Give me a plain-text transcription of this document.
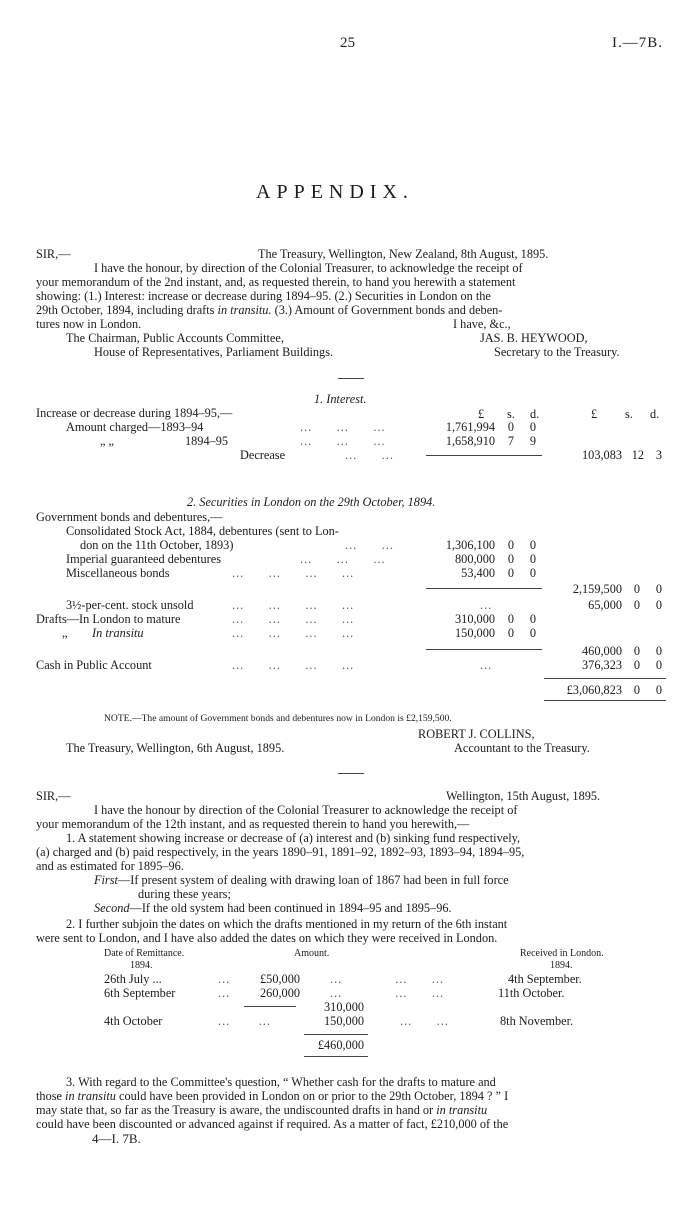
25	I.—7B.
APPENDIX.
SIR,—	The Treasury, Wellington, New Zealand, 8th August, 1895.
I have the honour, by direction of the Colonial Treasurer, to acknowledge the receipt of
your memorandum of the 2nd instant, and, as requested therein, to hand you herewith a statement
showing: (1.) Interest: increase or decrease during 1894–95. (2.) Securities in London on the
29th October, 1894, including drafts in transitu. (3.) Amount of Government bonds and deben-
tures now in London.	I have, &c.,
The Chairman, Public Accounts Committee,	JAS. B. HEYWOOD,
House of Representatives, Parliament Buildings.	Secretary to the Treasury.
1. Interest.
£ s. d.	£ s. d.
Increase or decrease during 1894–95,—
Amount charged—1893–94	...      ...      ...	1,761,994	0	0
„ „	1894–95	...      ...      ...	1,658,910	7	9
Decrease	...      ...	103,083 12 3
2. Securities in London on the 29th October, 1894.
Government bonds and debentures,—
Consolidated Stock Act, 1884, debentures (sent to Lon-
don on the 11th October, 1893)	...      ...	1,306,100	0	0
Imperial guaranteed debentures	...      ...      ...	800,000	0	0
Miscellaneous bonds	...      ...      ...      ...	53,400	0	0
2,159,500 0	0
3½-per-cent. stock unsold	...      ...      ...      ...	...	65,000 0	0
Drafts—In London to mature	...      ...      ...      ...	310,000	0	0
„ In transitu	...      ...      ...      ...	150,000	0	0
460,000 0	0
Cash in Public Account	...      ...      ...      ...	...	376,323 0	0
£3,060,823 0	0
NOTE.—The amount of Government bonds and debentures now in London is £2,159,500.
ROBERT J. COLLINS,
The Treasury, Wellington, 6th August, 1895.	Accountant to the Treasury.
SIR,—	Wellington, 15th August, 1895.
I have the honour by direction of the Colonial Treasurer to acknowledge the receipt of
your memorandum of the 12th instant, and as requested therein to hand you herewith,—
1. A statement showing increase or decrease of (a) interest and (b) sinking fund respectively,
(a) charged and (b) paid respectively, in the years 1890–91, 1891–92, 1892–93, 1893–94, 1894–95,
and as estimated for 1895–96.
First—If present system of dealing with drawing loan of 1867 had been in full force
during these years;
Second—If the old system had been continued in 1894–95 and 1895–96.
2. I further subjoin the dates on which the drafts mentioned in my return of the 6th instant
were sent to London, and I have also added the dates on which they were received in London.
Date of Remittance.
1894.
Amount.	Received in London.
1894.
26th July ...	...	£50,000 ...             ...      ...	4th September.
6th September	...	260,000 ...             ...      ...	11th October.
310,000
4th October	...       ...	150,000	...      ...	8th November.
£460,000
3. With regard to the Committee's question, “ Whether cash for the drafts to mature and
those in transitu could have been provided in London on or prior to the 29th October, 1894 ? ” I
may state that, so far as the Treasury is aware, the undiscounted drafts in hand or in transitu
could have been discounted or advanced against if required. As a matter of fact, £210,000 of the
4—I. 7B.
